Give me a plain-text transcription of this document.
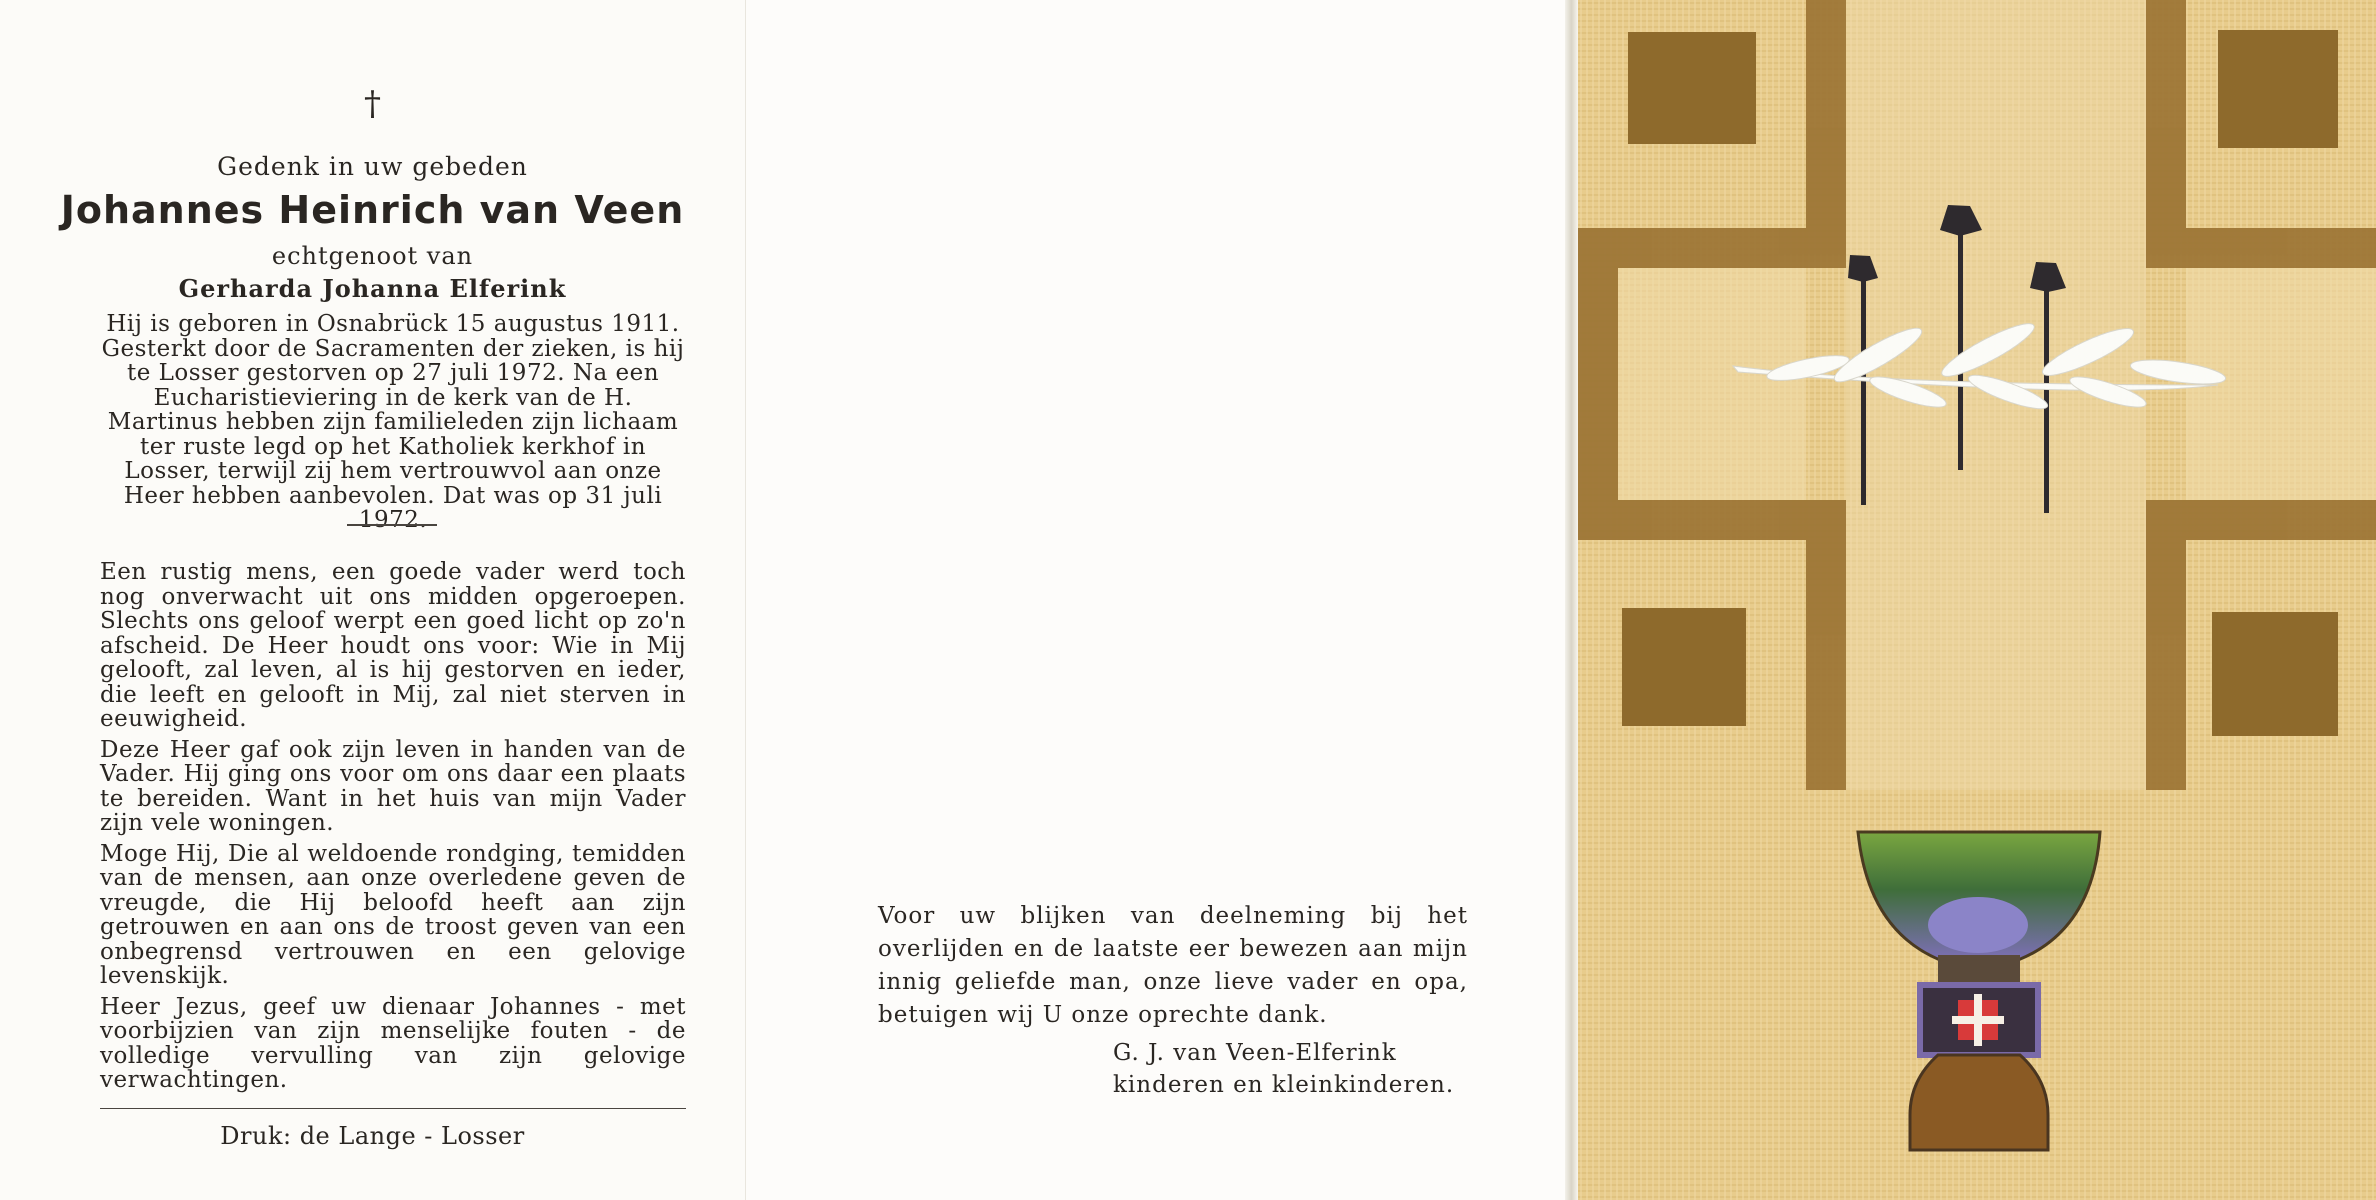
†
Gedenk in uw gebeden
Johannes Heinrich van Veen
echtgenoot van
Gerharda Johanna Elferink
Hij is geboren in Osnabrück 15 augustus 1911. Gesterkt door de Sacramenten der zieken, is hij te Losser gestorven op 27 juli 1972. Na een Eucharistieviering in de kerk van de H. Martinus hebben zijn familieleden zijn lichaam ter ruste legd op het Katholiek kerkhof in Losser, terwijl zij hem vertrouwvol aan onze Heer hebben aanbevolen. Dat was op 31 juli 1972.

Een rustig mens, een goede vader werd toch nog onverwacht uit ons midden opgeroepen. Slechts ons geloof werpt een goed licht op zo'n afscheid. De Heer houdt ons voor: Wie in Mij gelooft, zal leven, al is hij gestorven en ieder, die leeft en gelooft in Mij, zal niet sterven in eeuwigheid.

Deze Heer gaf ook zijn leven in handen van de Vader. Hij ging ons voor om ons daar een plaats te bereiden. Want in het huis van mijn Vader zijn vele woningen.

Moge Hij, Die al weldoende rondging, temidden van de mensen, aan onze overledene geven de vreugde, die Hij beloofd heeft aan zijn getrouwen en aan ons de troost geven van een onbegrensd vertrouwen en een gelovige levenskijk.

Heer Jezus, geef uw dienaar Johannes - met voorbijzien van zijn menselijke fouten - de volledige vervulling van zijn gelovige verwachtingen.

Druk: de Lange - Losser
Voor uw blijken van deelneming bij het overlijden en de laatste eer bewezen aan mijn innig geliefde man, onze lieve vader en opa, betuigen wij U onze oprechte dank.
G. J. van Veen-Elferink
kinderen en kleinkinderen.
